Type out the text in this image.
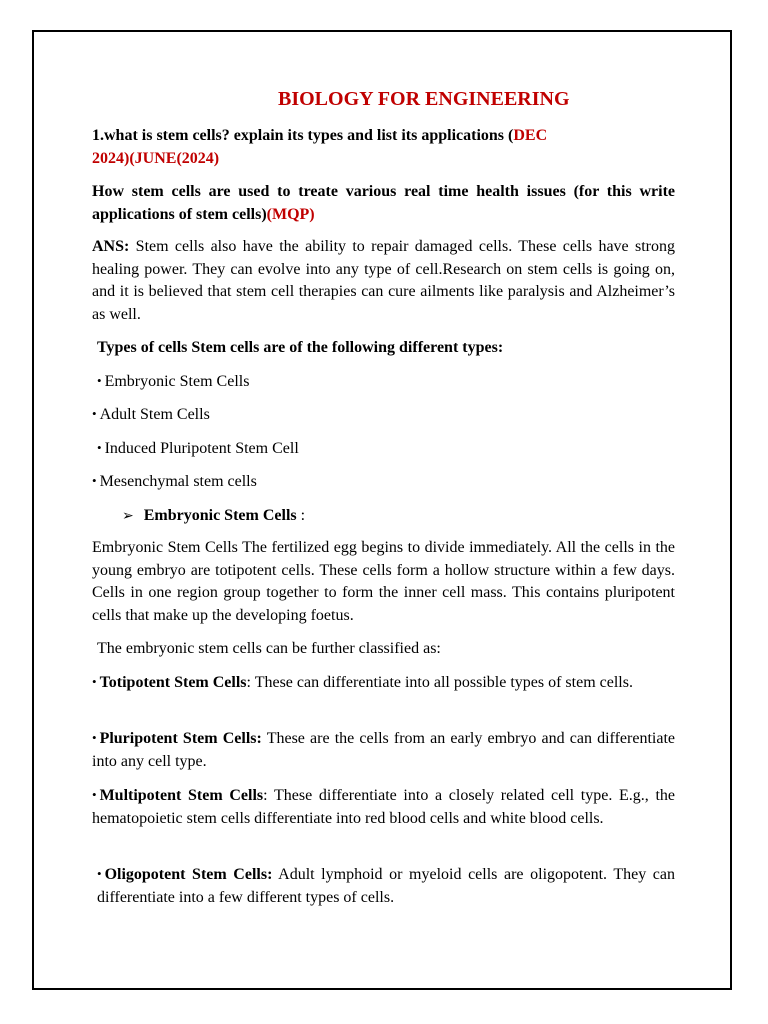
BIOLOGY FOR ENGINEERING

1.what is stem cells? explain its types and list its applications (DEC
2024)(JUNE(2024)

How stem cells are used to treate various real time health issues (for this write applications of stem cells)(MQP)

ANS: Stem cells also have the ability to repair damaged cells. These cells have strong healing power. They can evolve into any type of cell.Research on stem cells is going on, and it is believed that stem cell therapies can cure ailments like paralysis and Alzheimer’s as well.

Types of cells Stem cells are of the following different types:

• Embryonic Stem Cells

• Adult Stem Cells

• Induced Pluripotent Stem Cell

• Mesenchymal stem cells

➢ Embryonic Stem Cells :

Embryonic Stem Cells The fertilized egg begins to divide immediately. All the cells in the young embryo are totipotent cells. These cells form a hollow structure within a few days. Cells in one region group together to form the inner cell mass. This contains pluripotent cells that make up the developing foetus.

The embryonic stem cells can be further classified as:

• Totipotent Stem Cells: These can differentiate into all possible types of stem cells.

• Pluripotent Stem Cells: These are the cells from an early embryo and can differentiate into any cell type.

• Multipotent Stem Cells: These differentiate into a closely related cell type. E.g., the hematopoietic stem cells differentiate into red blood cells and white blood cells.

• Oligopotent Stem Cells: Adult lymphoid or myeloid cells are oligopotent. They can differentiate into a few different types of cells.
